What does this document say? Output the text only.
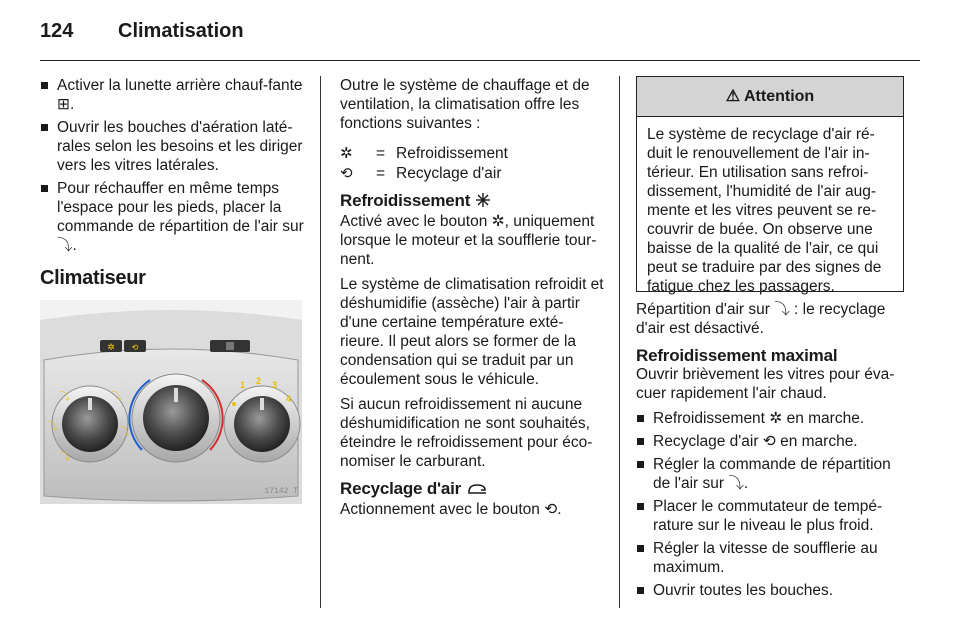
124 Climatisation
Activer la lunette arrière chauf-fante ⊞.
Ouvrir les bouches d'aération laté-rales selon les besoins et les diriger vers les vitres latérales.
Pour réchauffer en même temps l'espace pour les pieds, placer la commande de répartition de l'air sur ⤵.
Climatiseur
✲ ⟲
⤵
⤵
⤵
⤵
⤵
1 2 3
4
17142 T

Outre le système de chauffage et de ventilation, la climatisation offre les fonctions suivantes :

✲	= Refroidissement
⟲	= Recyclage d'air
Refroidissement

Activé avec le bouton ✲, uniquement lorsque le moteur et la soufflerie tour-nent.

Le système de climatisation refroidit et déshumidifie (assèche) l'air à partir d'une certaine température exté-rieure. Il peut alors se former de la condensation qui se traduit par un écoulement sous le véhicule.

Si aucun refroidissement ni aucune déshumidification ne sont souhaités, éteindre le refroidissement pour éco-nomiser le carburant.

Recyclage d'air

Actionnement avec le bouton ⟲.

⚠ Attention
Le système de recyclage d'air ré-duit le renouvellement de l'air in-térieur. En utilisation sans refroi-dissement, l'humidité de l'air aug-mente et les vitres peuvent se re-couvrir de buée. On observe une baisse de la qualité de l'air, ce qui peut se traduire par des signes de fatigue chez les passagers.

Répartition d'air sur ⤵ : le recyclage d'air est désactivé.

Refroidissement maximal

Ouvrir brièvement les vitres pour éva-cuer rapidement l'air chaud.

Refroidissement ✲ en marche.
Recyclage d'air ⟲ en marche.
Régler la commande de répartition de l'air sur ⤵.
Placer le commutateur de tempé-rature sur le niveau le plus froid.
Régler la vitesse de soufflerie au maximum.
Ouvrir toutes les bouches.
